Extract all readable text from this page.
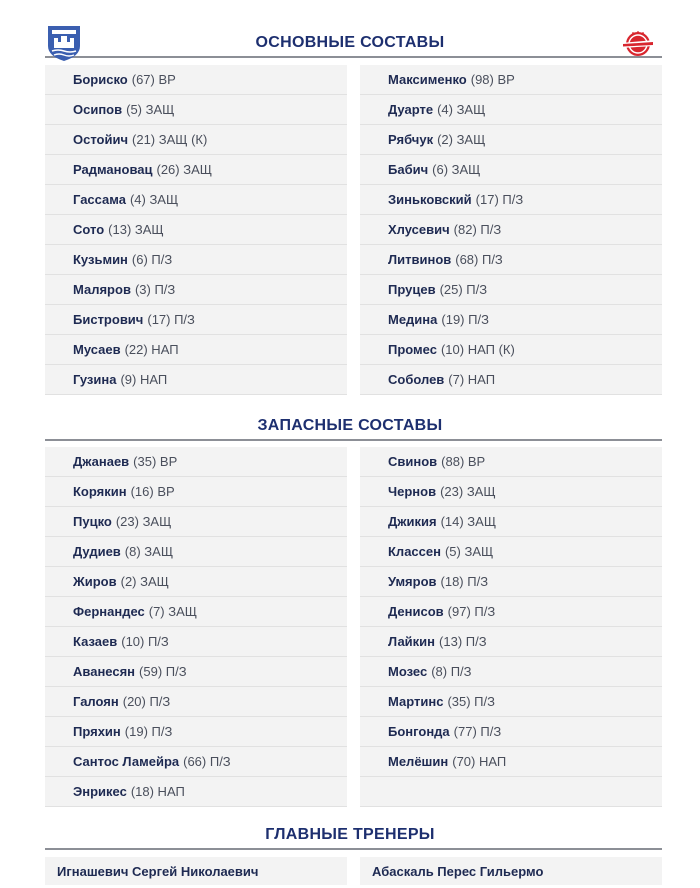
ОСНОВНЫЕ СОСТАВЫ
Бориско (67) ВР
Осипов (5) ЗАЩ
Остойич (21) ЗАЩ (К)
Радмановац (26) ЗАЩ
Гассама (4) ЗАЩ
Сото (13) ЗАЩ
Кузьмин (6) П/З
Маляров (3) П/З
Бистрович (17) П/З
Мусаев (22) НАП
Гузина (9) НАП
Максименко (98) ВР
Дуарте (4) ЗАЩ
Рябчук (2) ЗАЩ
Бабич (6) ЗАЩ
Зиньковский (17) П/З
Хлусевич (82) П/З
Литвинов (68) П/З
Пруцев (25) П/З
Медина (19) П/З
Промес (10) НАП (К)
Соболев (7) НАП
ЗАПАСНЫЕ СОСТАВЫ
Джанаев (35) ВР
Корякин (16) ВР
Пуцко (23) ЗАЩ
Дудиев (8) ЗАЩ
Жиров (2) ЗАЩ
Фернандес (7) ЗАЩ
Казаев (10) П/З
Аванесян (59) П/З
Галоян (20) П/З
Пряхин (19) П/З
Сантос Ламейра (66) П/З
Энрикес (18) НАП
Свинов (88) ВР
Чернов (23) ЗАЩ
Джикия (14) ЗАЩ
Классен (5) ЗАЩ
Умяров (18) П/З
Денисов (97) П/З
Лайкин (13) П/З
Мозес (8) П/З
Мартинс (35) П/З
Бонгонда (77) П/З
Мелёшин (70) НАП
ГЛАВНЫЕ ТРЕНЕРЫ
Игнашевич Сергей Николаевич	Абаскаль Перес Гильермо
